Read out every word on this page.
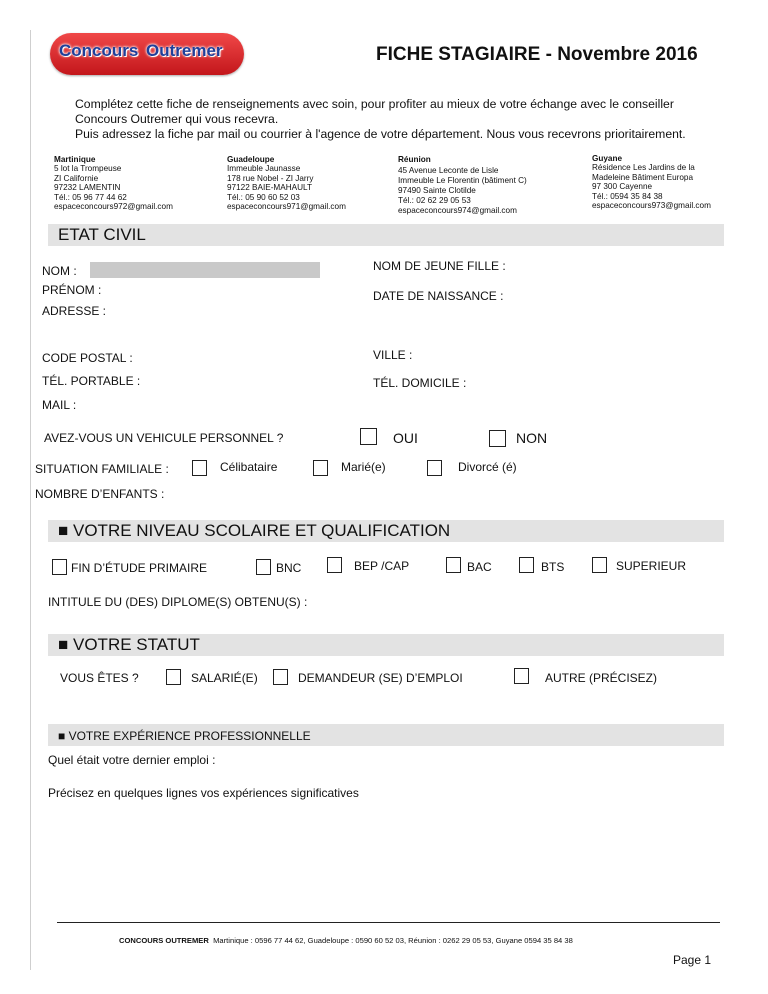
Concours Outremer	FICHE STAGIAIRE - Novembre 2016
Complétez cette fiche de renseignements avec soin, pour profiter au mieux de votre échange avec le conseiller
Concours Outremer qui vous recevra.
Puis adressez la fiche par mail ou courrier à l'agence de votre département. Nous vous recevrons prioritairement.
Martinique
5 lot la Trompeuse
ZI Californie
97232 LAMENTIN
Tél.: 05 96 77 44 62
espaceconcours972@gmail.com
Guadeloupe
Immeuble Jaunasse
178 rue Nobel - ZI Jarry
97122 BAIE-MAHAULT
Tél.: 05 90 60 52 03
espaceconcours971@gmail.com
Réunion
45 Avenue Leconte de Lisle
Immeuble Le Florentin (bâtiment C)
97490 Sainte Clotilde
Tél.: 02 62 29 05 53
espaceconcours974@gmail.com
Guyane
Résidence Les Jardins de la
Madeleine Bâtiment Europa
97 300 Cayenne
Tél.: 0594 35 84 38
espaceconcours973@gmail.com
ETAT CIVIL
NOM :	NOM DE JEUNE FILLE :
PRÉNOM :	DATE DE NAISSANCE :
ADRESSE :
CODE POSTAL :	VILLE :
TÉL. PORTABLE :	TÉL. DOMICILE :
MAIL :
AVEZ-VOUS UN VEHICULE PERSONNEL ?	OUI	NON
SITUATION FAMILIALE :	Célibataire	Marié(e)	Divorcé (é)
NOMBRE D’ENFANTS :
■ VOTRE NIVEAU SCOLAIRE ET QUALIFICATION
FIN D’ÉTUDE PRIMAIRE	BNC	BEP /CAP	BAC	BTS	SUPERIEUR
INTITULE DU (DES) DIPLOME(S) OBTENU(S) :
■ VOTRE STATUT
VOUS ÊTES ?	SALARIÉ(E)	DEMANDEUR (SE) D’EMPLOI	AUTRE (PRÉCISEZ)
■ VOTRE EXPÉRIENCE PROFESSIONNELLE
Quel était votre dernier emploi :
Précisez en quelques lignes vos expériences significatives
CONCOURS OUTREMER Martinique : 0596 77 44 62, Guadeloupe : 0590 60 52 03, Réunion : 0262 29 05 53, Guyane 0594 35 84 38
Page 1
